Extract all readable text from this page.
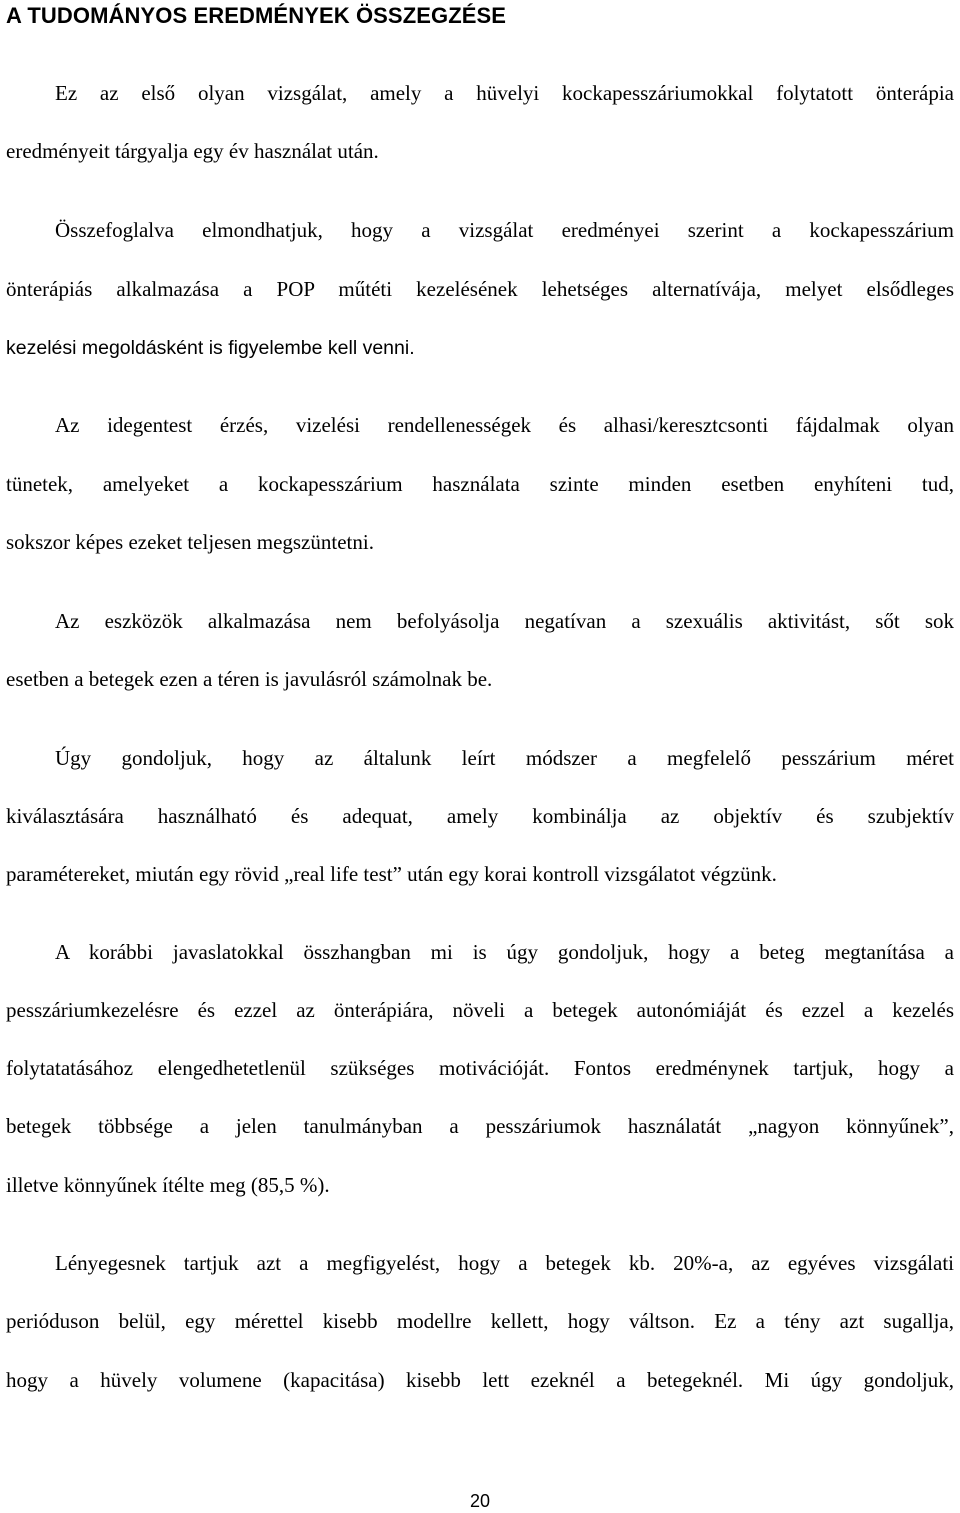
A TUDOMÁNYOS EREDMÉNYEK ÖSSZEGZÉSE

Ez az első olyan vizsgálat, amely a hüvelyi kockapesszáriumokkal folytatott önterápia

eredményeit tárgyalja egy év használat után.

Összefoglalva elmondhatjuk, hogy a vizsgálat eredményei szerint a kockapesszárium

önterápiás alkalmazása a POP műtéti kezelésének lehetséges alternatívája, melyet elsődleges

kezelési megoldásként is figyelembe kell venni.

Az idegentest érzés, vizelési rendellenességek és alhasi/keresztcsonti fájdalmak olyan

tünetek, amelyeket a kockapesszárium használata szinte minden esetben enyhíteni tud,

sokszor képes ezeket teljesen megszüntetni.

Az eszközök alkalmazása nem befolyásolja negatívan a szexuális aktivitást, sőt sok

esetben a betegek ezen a téren is javulásról számolnak be.

Úgy gondoljuk, hogy az általunk leírt módszer a megfelelő pesszárium méret

kiválasztására használható és adequat, amely kombinálja az objektív és szubjektív

paramétereket, miután egy rövid „real life test” után egy korai kontroll vizsgálatot végzünk.

A korábbi javaslatokkal összhangban mi is úgy gondoljuk, hogy a beteg megtanítása a

pesszáriumkezelésre és ezzel az önterápiára, növeli a betegek autonómiáját és ezzel a kezelés

folytatatásához elengedhetetlenül szükséges motivációját. Fontos eredménynek tartjuk, hogy a

betegek többsége a jelen tanulmányban a pesszáriumok használatát „nagyon könnyűnek”,

illetve könnyűnek ítélte meg (85,5 %).

Lényegesnek tartjuk azt a megfigyelést, hogy a betegek kb. 20%-a, az egyéves vizsgálati

perióduson belül, egy mérettel kisebb modellre kellett, hogy váltson. Ez a tény azt sugallja,

hogy a hüvely volumene (kapacitása) kisebb lett ezeknél a betegeknél. Mi úgy gondoljuk,

20
